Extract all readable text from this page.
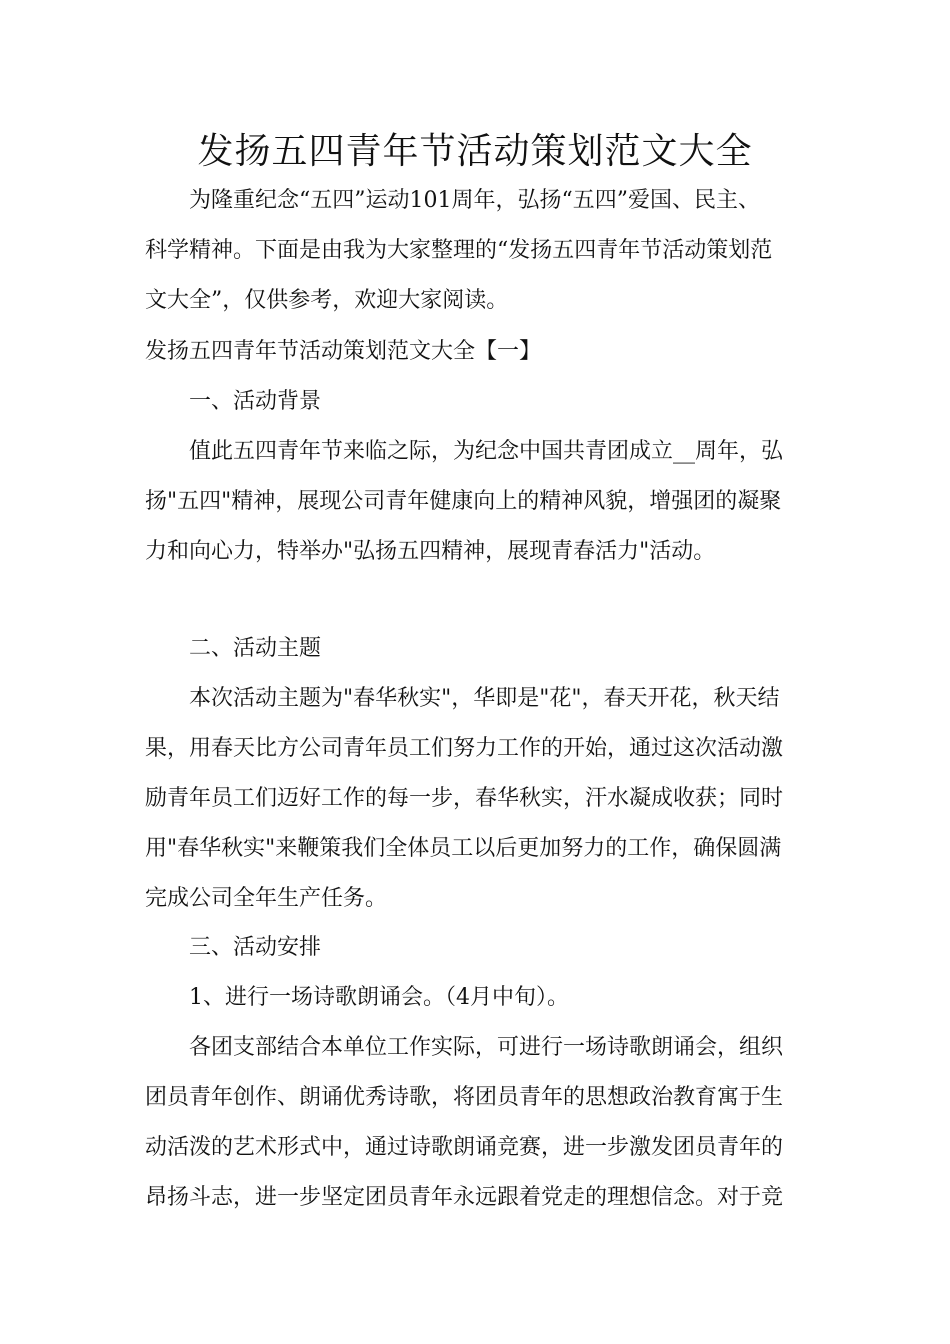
发扬五四青年节活动策划范文大全
为隆重纪念“五四”运动101周年，弘扬“五四”爱国、民主、
科学精神。下面是由我为大家整理的“发扬五四青年节活动策划范
文大全”，仅供参考，欢迎大家阅读。

发扬五四青年节活动策划范文大全【一】

一、活动背景

值此五四青年节来临之际，为纪念中国共青团成立__周年，弘
扬"五四"精神，展现公司青年健康向上的精神风貌，增强团的凝聚
力和向心力，特举办"弘扬五四精神，展现青春活力"活动。

二、活动主题

本次活动主题为"春华秋实"，华即是"花"，春天开花，秋天结
果，用春天比方公司青年员工们努力工作的开始，通过这次活动激
励青年员工们迈好工作的每一步，春华秋实，汗水凝成收获；同时
用"春华秋实"来鞭策我们全体员工以后更加努力的工作，确保圆满
完成公司全年生产任务。

三、活动安排

1、进行一场诗歌朗诵会。（4月中旬）。

各团支部结合本单位工作实际，可进行一场诗歌朗诵会，组织
团员青年创作、朗诵优秀诗歌，将团员青年的思想政治教育寓于生
动活泼的艺术形式中，通过诗歌朗诵竞赛，进一步激发团员青年的
昂扬斗志，进一步坚定团员青年永远跟着党走的理想信念。对于竞
